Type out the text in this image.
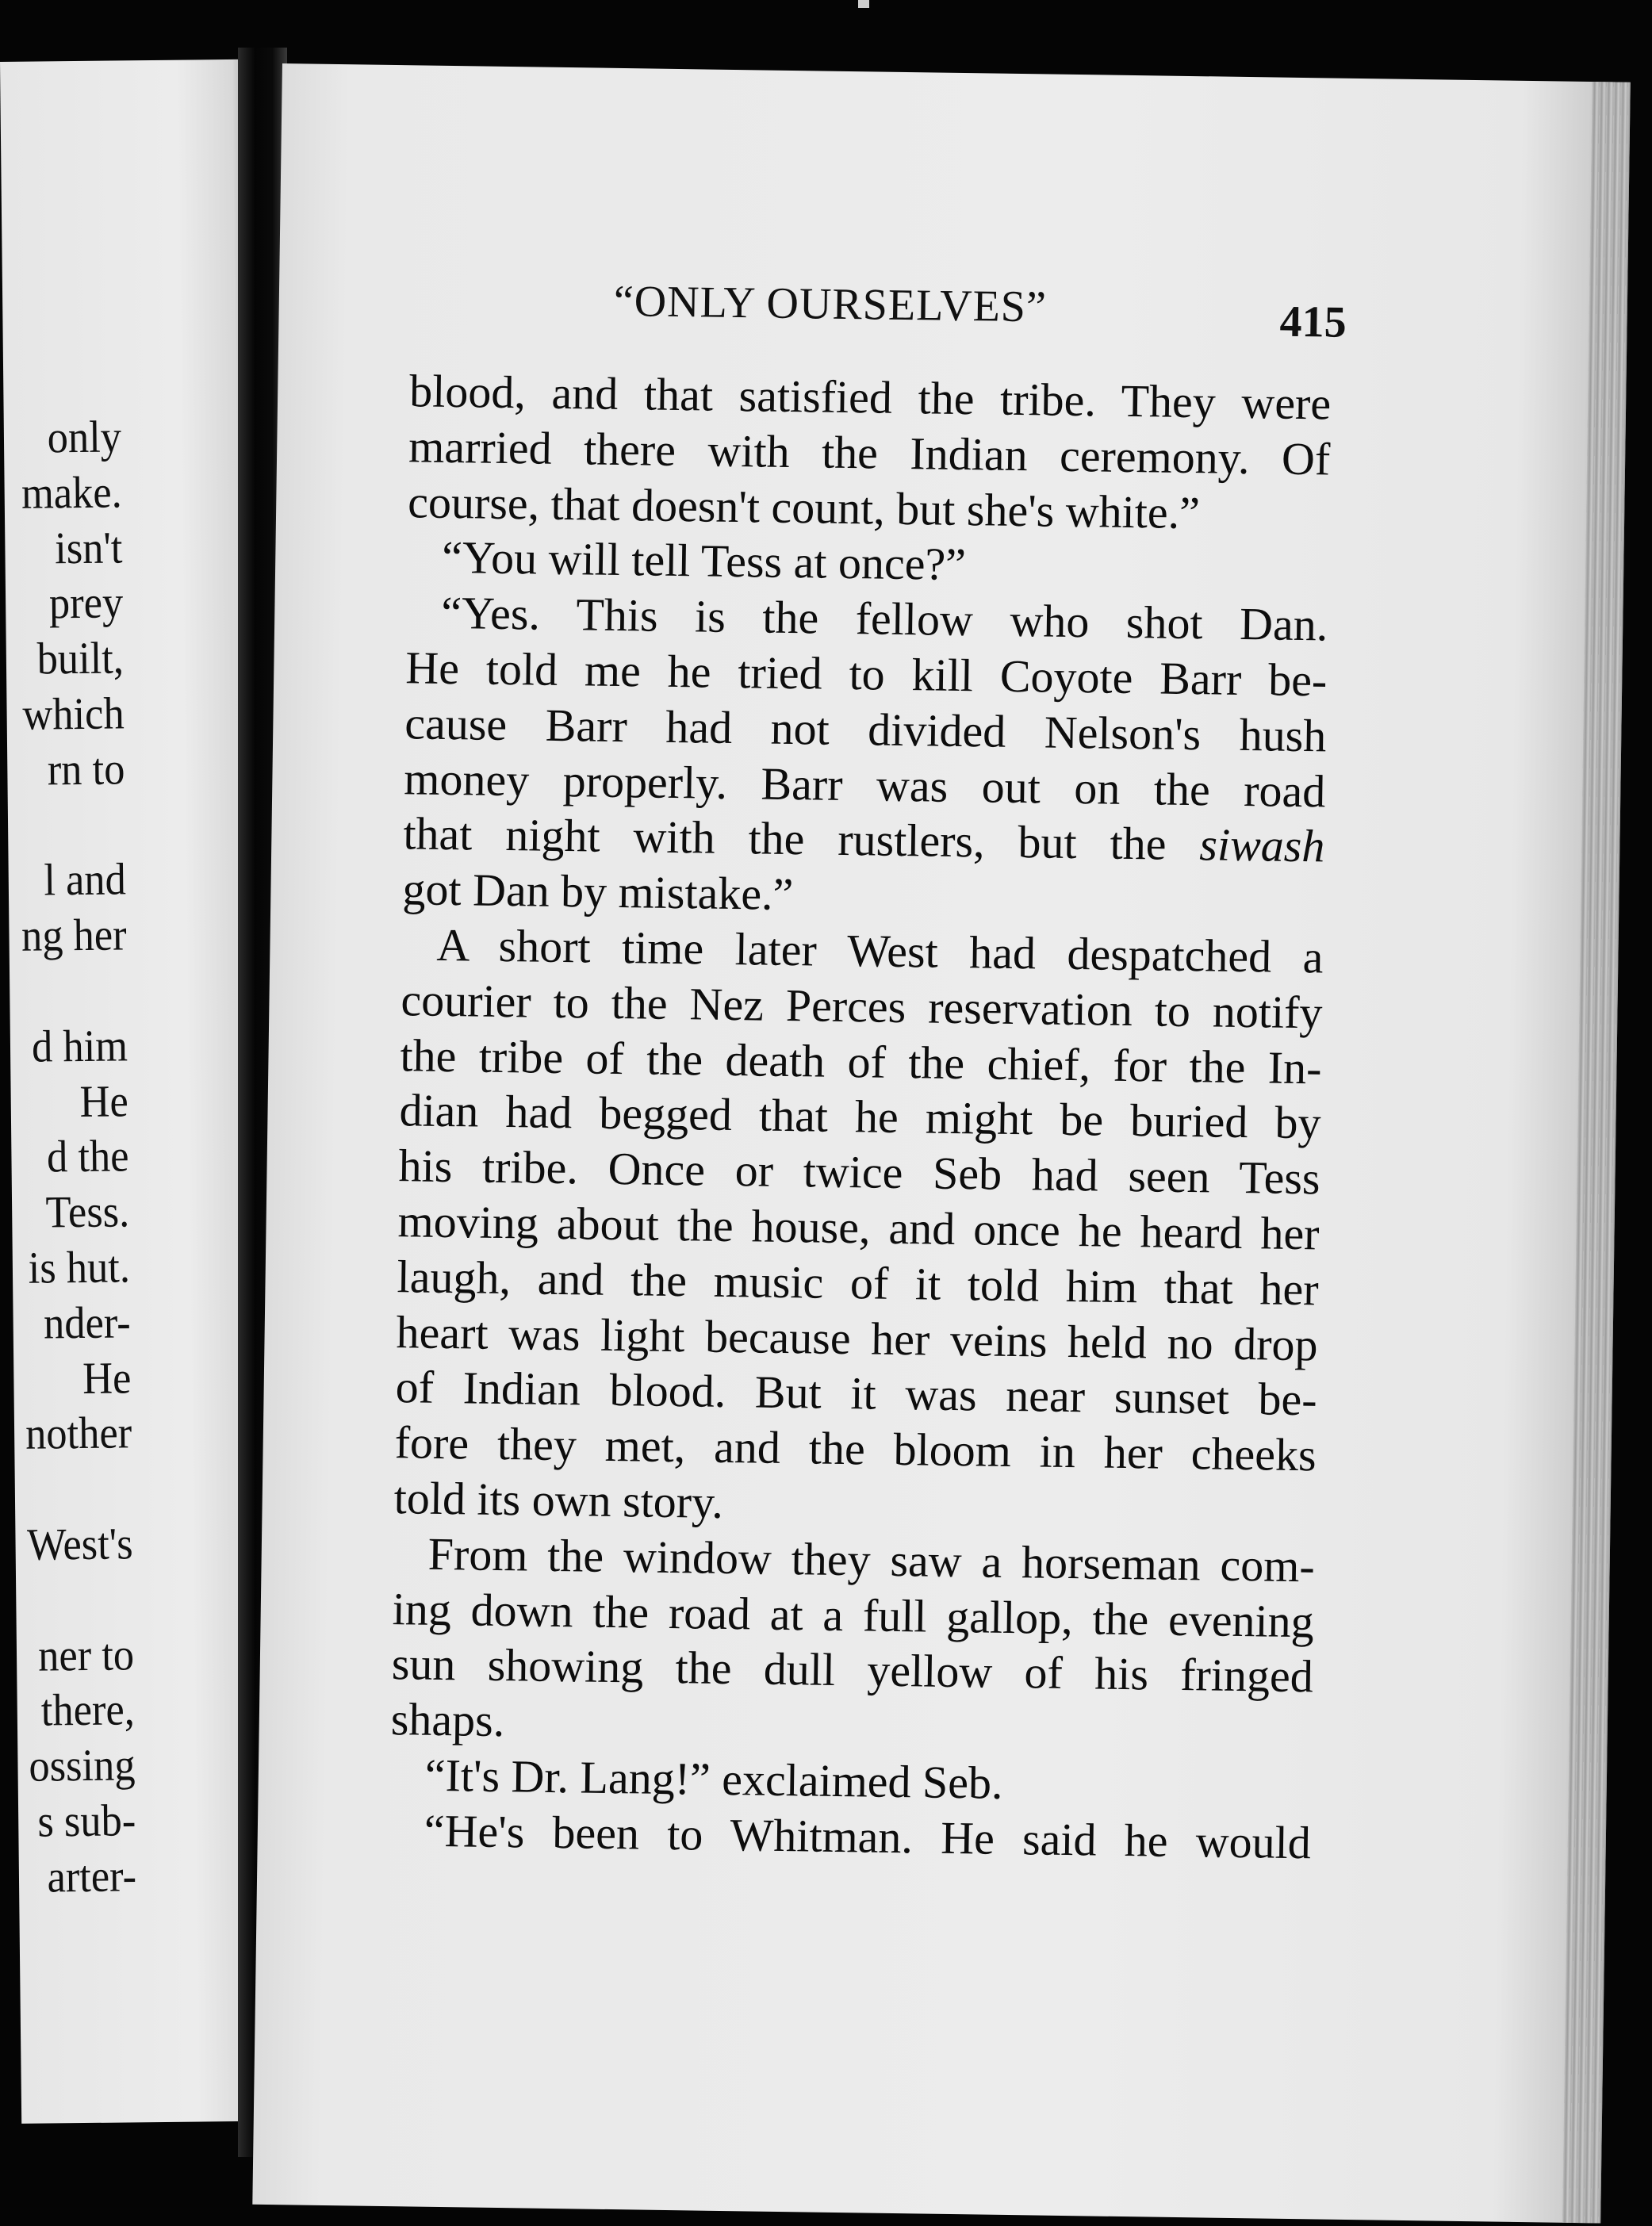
only
make.
isn't
prey
built,
which
rn to
l and
ng her
d him
He
d the
Tess.
is hut.
nder-
He
nother
West's
ner to
there,
ossing
s sub-
arter-
“ONLY OURSELVES”	415
blood, and that satisfied the tribe. They were
married there with the Indian ceremony. Of
course, that doesn't count, but she's white.”
“You will tell Tess at once?”
“Yes. This is the fellow who shot Dan.
He told me he tried to kill Coyote Barr be-
cause Barr had not divided Nelson's hush
money properly. Barr was out on the road
that night with the rustlers, but the siwash
got Dan by mistake.”
A short time later West had despatched a
courier to the Nez Perces reservation to notify
the tribe of the death of the chief, for the In-
dian had begged that he might be buried by
his tribe. Once or twice Seb had seen Tess
moving about the house, and once he heard her
laugh, and the music of it told him that her
heart was light because her veins held no drop
of Indian blood. But it was near sunset be-
fore they met, and the bloom in her cheeks
told its own story.
From the window they saw a horseman com-
ing down the road at a full gallop, the evening
sun showing the dull yellow of his fringed
shaps.
“It's Dr. Lang!” exclaimed Seb.
“He's been to Whitman. He said he would
